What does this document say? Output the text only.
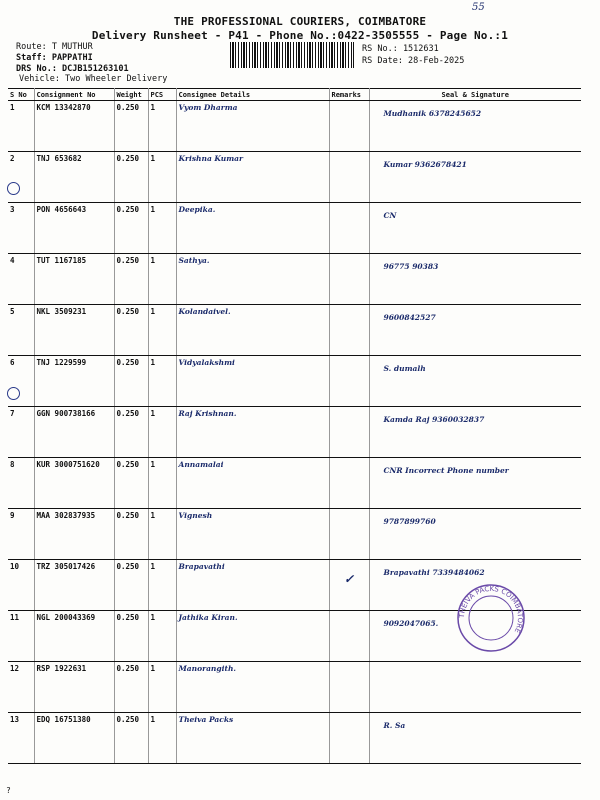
55
THE PROFESSIONAL COURIERS, COIMBATORE
Delivery Runsheet - P41 - Phone No.:0422-3505555 - Page No.:1
Route: T MUTHUR
Staff: PAPPATHI
DRS No.: DCJB151263101
Vehicle: Two Wheeler Delivery
RS No.: 1512631
RS Date: 28-Feb-2025
S No	Consignment No	Weight	PCS	Consignee Details	Remarks	Seal & Signature
1	KCM 13342870	0.250	1	Vyom Dharma		Mudhanik 6378245652
2	TNJ 653682	0.250	1	Krishna Kumar		Kumar 9362678421
3	PON 4656643	0.250	1	Deepika.		CN
4	TUT 1167185	0.250	1	Sathya.		96775 90383
5	NKL 3509231	0.250	1	Kolandaivel.		9600842527
6	TNJ 1229599	0.250	1	Vidyalakshmi		S. dumalh
7	GGN 900738166	0.250	1	Raj Krishnan.		Kamda Raj 9360032837
8	KUR 3000751620	0.250	1	Annamalai		CNR Incorrect Phone number
9	MAA 302837935	0.250	1	Vignesh		9787899760
10	TRZ 305017426	0.250	1	Brapavathi	✓	Brapavathi 7339484062
11	NGL 200043369	0.250	1	Jathika Kiran.		9092047065.
12	RSP 1922631	0.250	1	Manorangith.		
13	EDQ 16751380	0.250	1	Theiva Packs		R. Sa
THEIVA PACKS COIMBATORE
?
